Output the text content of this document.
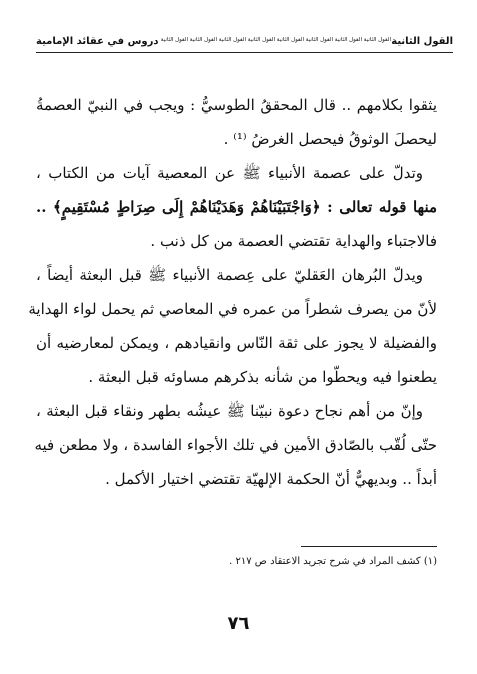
القول الثانية
القول الثانية القول الثانية القول الثانية القول الثانية القول الثانية القول الثانية القول الثانية القول الثانية
دروس في عقائد الإمامية
يثقوا بكلامهم .. قال المحققُ الطوسيُّ : ويجب في النبيّ العصمةُ
ليحصلَ الوثوقُ فيحصل الغرضُ ⁽¹⁾ .
وتدلّ على عصمة الأنبياء ﷺ عن المعصية آيات من الكتاب ،
منها قوله تعالى : ﴿وَاجْتَبَيْنَاهُمْ وَهَدَيْنَاهُمْ إِلَى صِرَاطٍ مُسْتَقِيمٍ﴾ ..
فالاجتباء والهداية تقتضي العصمة من كل ذنب .
ويدلّ البُرهان العَقليّ على عِصمة الأنبياء ﷺ قبل البعثة أيضاً ،
لأنّ من يصرف شطراً من عمره في المعاصي ثم يحمل لواء الهداية
والفضيلة لا يجوز على ثقة النّاس وانقيادهم ، ويمكن لمعارضيه أن
يطعنوا فيه ويحطّوا من شأنه بذكرهم مساوئه قبل البعثة .
وإنّ من أهم نجاح دعوة نبيّنا ﷺ عيشُه بطهر ونقاء قبل البعثة ،
حتّى لُقّب بالصّادق الأمين في تلك الأجواء الفاسدة ، ولا مطعن فيه
أبداً .. وبديهيٌّ أنّ الحكمة الإلهيّة تقتضي اختيار الأكمل .
(١) كشف المراد في شرح تجريد الاعتقاد ص ٢١٧ .
٧٦
